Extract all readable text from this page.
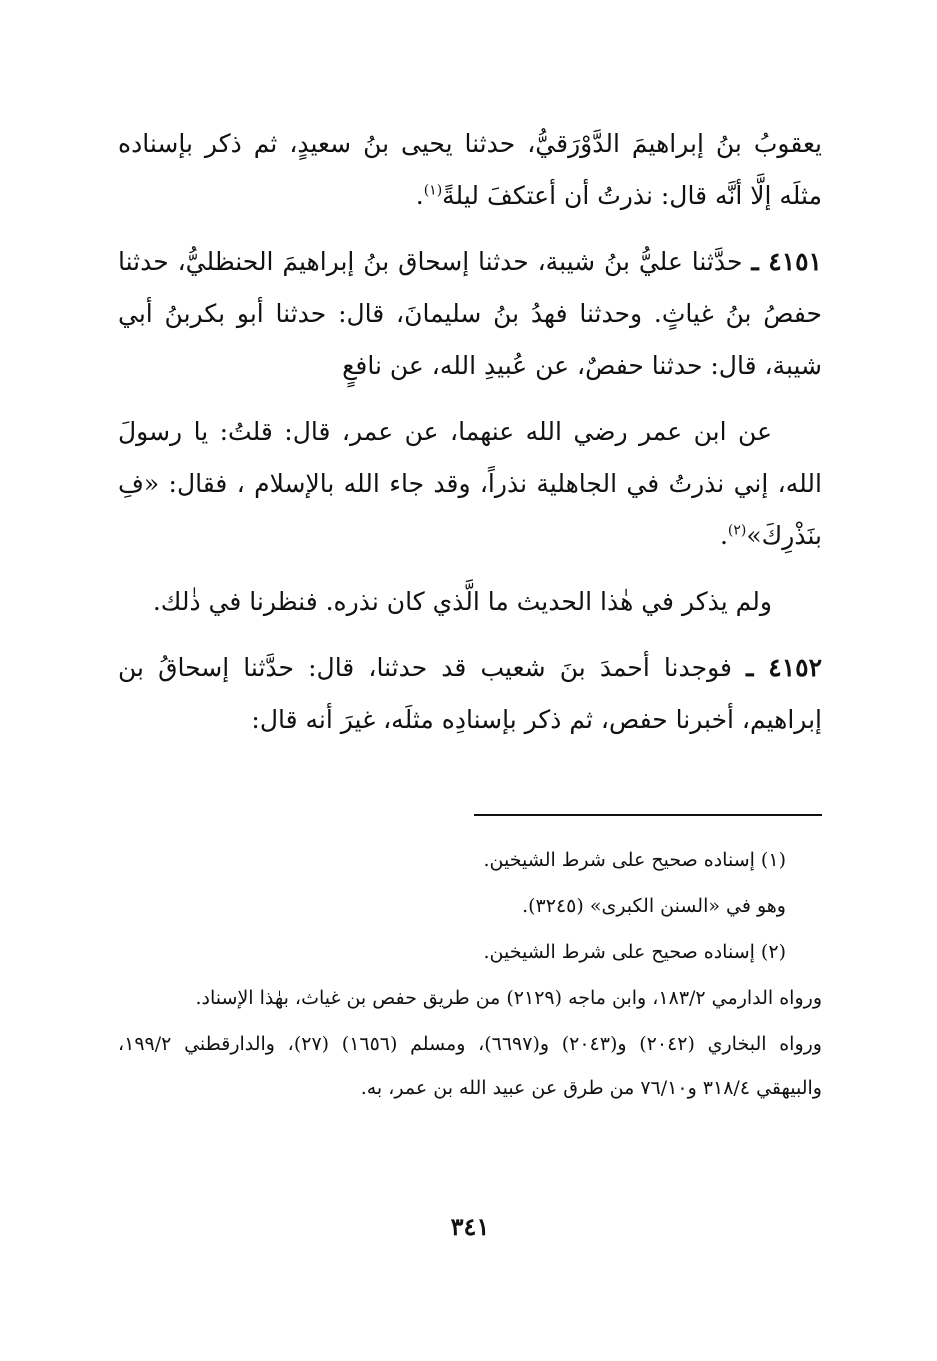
يعقوبُ بنُ إبراهيمَ الدَّوْرَقيُّ، حدثنا يحيى بنُ سعيدٍ، ثم ذكر بإسناده مثلَه إلَّا أنَّه قال: نذرتُ أن أعتكفَ ليلةً$^{(١)}$.

٤١٥١ ـ حدَّثنا عليُّ بنُ شيبة، حدثنا إسحاق بنُ إبراهيمَ الحنظليُّ، حدثنا حفصُ بنُ غياثٍ. وحدثنا فهدُ بنُ سليمانَ، قال: حدثنا أبو بكربنُ أبي شيبة، قال: حدثنا حفصٌ، عن عُبيدِ الله، عن نافعٍ

عن ابن عمر رضي الله عنهما، عن عمر، قال: قلتُ: يا رسولَ الله، إني نذرتُ في الجاهلية نذراً، وقد جاء الله بالإسلام ، فقال: «فِ بنَذْرِكَ»$^{(٢)}$.

ولم يذكر في هٰذا الحديث ما الَّذي كان نذره. فنظرنا في ذٰلك.

٤١٥٢ ـ فوجدنا أحمدَ بنَ شعيب قد حدثنا، قال: حدَّثنا إسحاقُ بن إبراهيم، أخبرنا حفص، ثم ذكر بإسنادِه مثلَه، غيرَ أنه قال:

(١) إسناده صحيح على شرط الشيخين.

وهو في «السنن الكبرى» (٣٢٤٥).

(٢) إسناده صحيح على شرط الشيخين.

ورواه الدارمي ١٨٣/٢، وابن ماجه (٢١٢٩) من طريق حفص بن غياث، بهٰذا الإسناد.

ورواه البخاري (٢٠٤٢) و(٢٠٤٣) و(٦٦٩٧)، ومسلم (١٦٥٦) (٢٧)، والدارقطني ١٩٩/٢، والبيهقي ٣١٨/٤ و٧٦/١٠ من طرق عن عبيد الله بن عمر، به.

٣٤١
